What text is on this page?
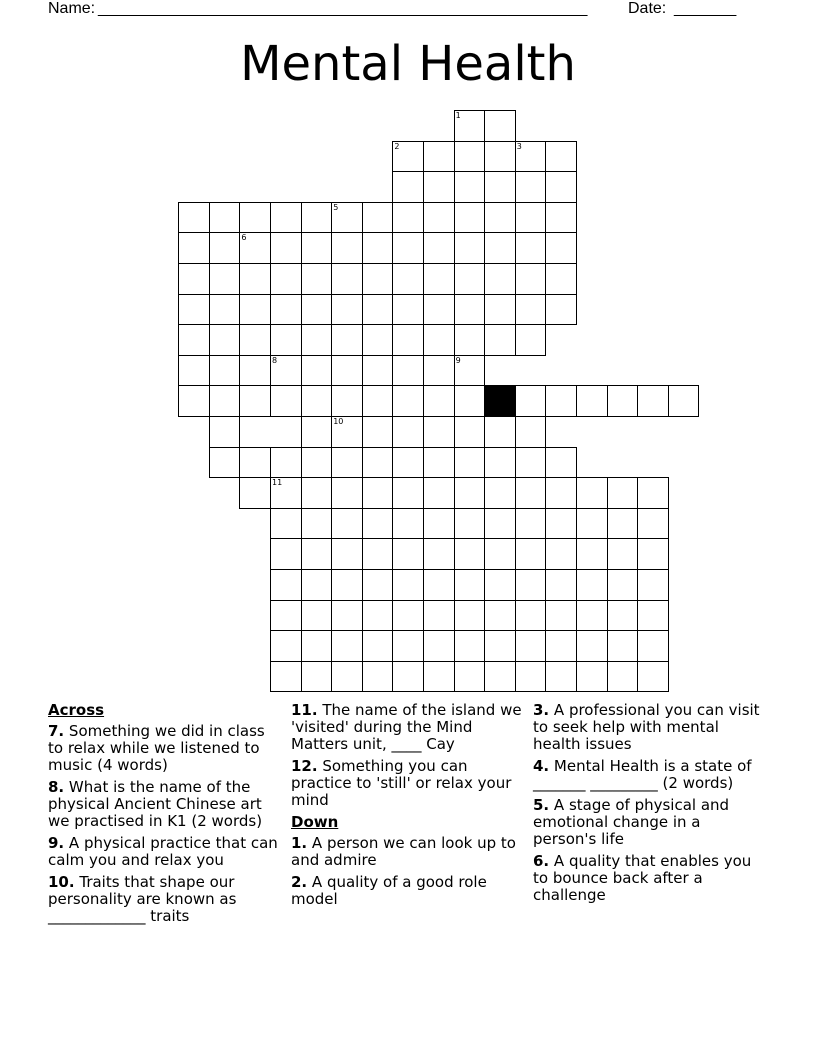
Name: _______________________________________________________	Date: _______
Mental Health
1
2	3
5
6
8	9
10
11
Across

7. Something we did in class to relax while we listened to music (4 words)

8. What is the name of the physical Ancient Chinese art we practised in K1 (2 words)

9. A physical practice that can calm you and relax you

10. Traits that shape our personality are known as _____________ traits

11. The name of the island we 'visited' during the Mind Matters unit, ____ Cay

12. Something you can practice to 'still' or relax your mind

Down

1. A person we can look up to and admire

2. A quality of a good role model

3. A professional you can visit to seek help with mental health issues

4. Mental Health is a state of _______ _________ (2 words)

5. A stage of physical and emotional change in a person's life

6. A quality that enables you to bounce back after a challenge
